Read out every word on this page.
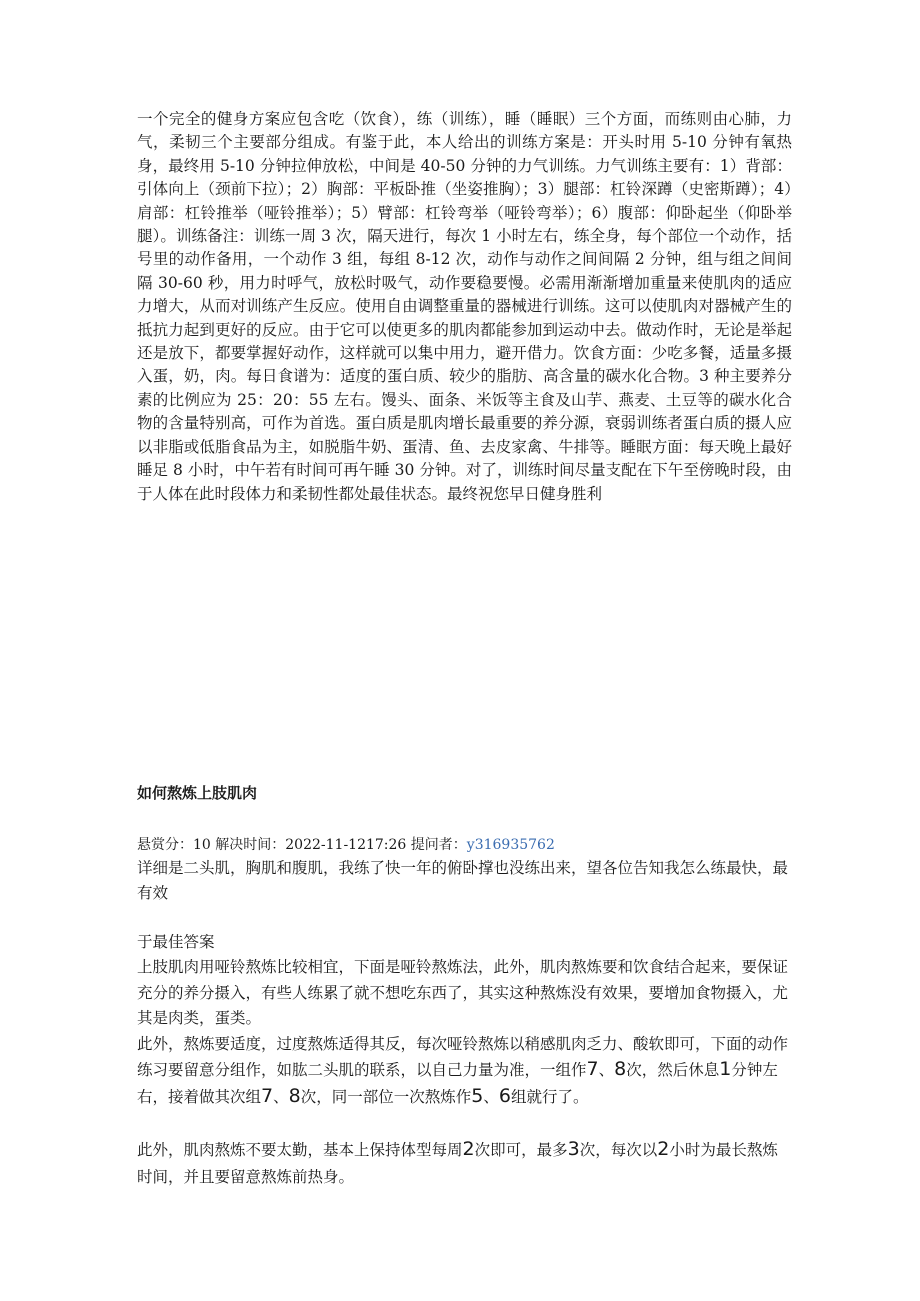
一个完全的健身方案应包含吃（饮食），练（训练），睡（睡眠）三个方面，而练则由心肺，力气，柔韧三个主要部分组成。有鉴于此，本人给出的训练方案是：开头时用 5-10 分钟有氧热身，最终用 5-10 分钟拉伸放松，中间是 40-50 分钟的力气训练。力气训练主要有：1）背部：引体向上（颈前下拉）；2）胸部：平板卧推（坐姿推胸）；3）腿部：杠铃深蹲（史密斯蹲）；4）肩部：杠铃推举（哑铃推举）；5）臂部：杠铃弯举（哑铃弯举）；6）腹部：仰卧起坐（仰卧举腿）。训练备注：训练一周 3 次，隔天进行，每次 1 小时左右，练全身，每个部位一个动作，括号里的动作备用，一个动作 3 组，每组 8-12 次，动作与动作之间间隔 2 分钟，组与组之间间隔 30-60 秒，用力时呼气，放松时吸气，动作要稳要慢。必需用渐渐增加重量来使肌肉的适应力增大，从而对训练产生反应。使用自由调整重量的器械进行训练。这可以使肌肉对器械产生的抵抗力起到更好的反应。由于它可以使更多的肌肉都能参加到运动中去。做动作时，无论是举起还是放下，都要掌握好动作，这样就可以集中用力，避开借力。饮食方面：少吃多餐，适量多摄入蛋，奶，肉。每日食谱为：适度的蛋白质、较少的脂肪、高含量的碳水化合物。3 种主要养分素的比例应为 25：20：55 左右。馒头、面条、米饭等主食及山芋、燕麦、土豆等的碳水化合物的含量特别高，可作为首选。蛋白质是肌肉增长最重要的养分源，衰弱训练者蛋白质的摄人应以非脂或低脂食品为主，如脱脂牛奶、蛋清、鱼、去皮家禽、牛排等。睡眠方面：每天晚上最好睡足 8 小时，中午若有时间可再午睡 30 分钟。对了，训练时间尽量支配在下午至傍晚时段，由于人体在此时段体力和柔韧性都处最佳状态。最终祝您早日健身胜利

如何熬炼上肢肌肉

悬赏分：10 解决时间：2022-11-1217:26 提问者：y316935762

详细是二头肌，胸肌和腹肌，我练了快一年的俯卧撑也没练出来，望各位告知我怎么练最快，最有效

于最佳答案

上肢肌肉用哑铃熬炼比较相宜，下面是哑铃熬炼法，此外，肌肉熬炼要和饮食结合起来，要保证充分的养分摄入，有些人练累了就不想吃东西了，其实这种熬炼没有效果，要增加食物摄入，尤其是肉类，蛋类。

此外，熬炼要适度，过度熬炼适得其反，每次哑铃熬炼以稍感肌肉乏力、酸软即可，下面的动作练习要留意分组作，如肱二头肌的联系，以自己力量为准，一组作7、8次，然后休息1分钟左右，接着做其次组7、8次，同一部位一次熬炼作5、6组就行了。

此外，肌肉熬炼不要太勤，基本上保持体型每周2次即可，最多3次，每次以2小时为最长熬炼时间，并且要留意熬炼前热身。
